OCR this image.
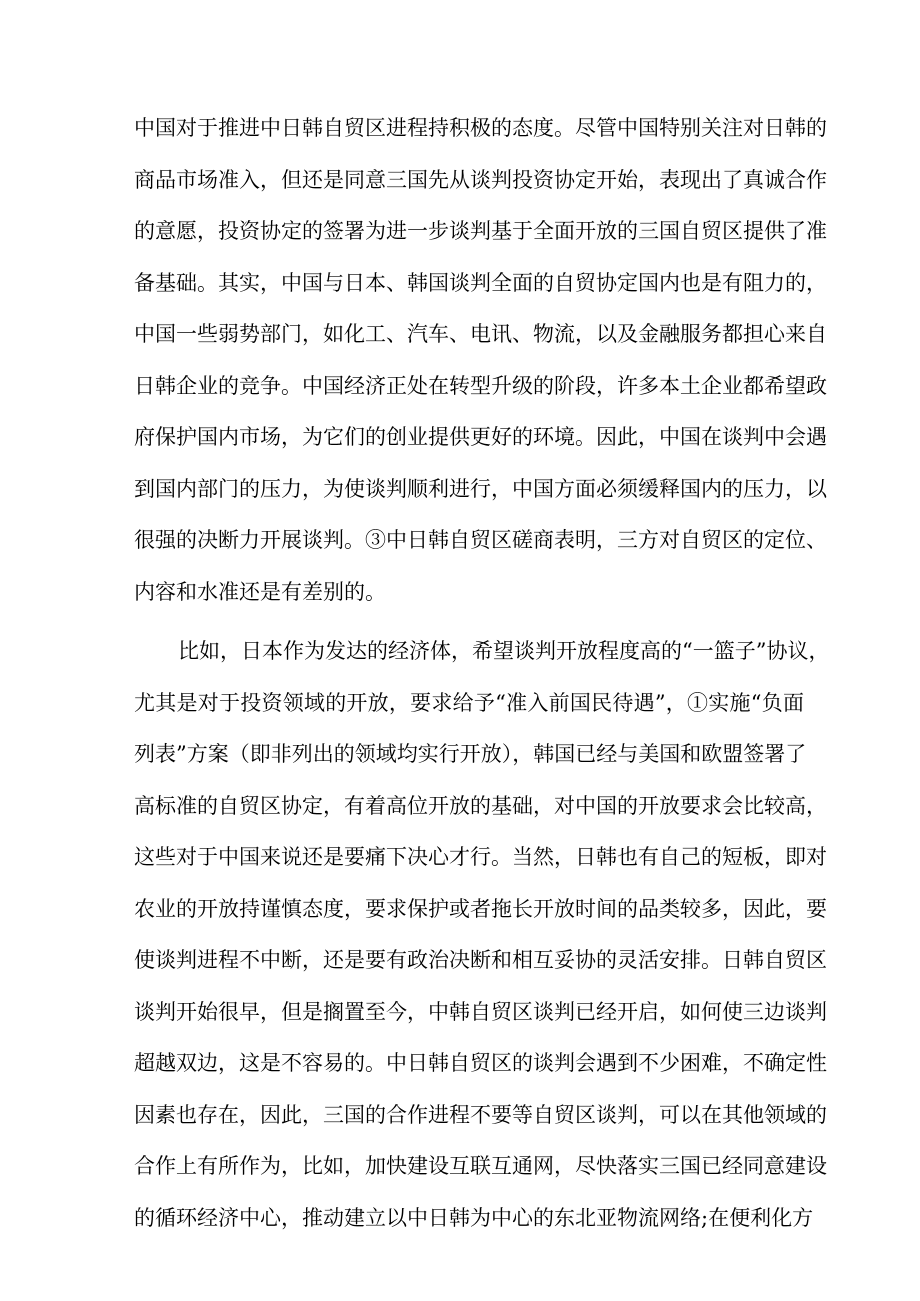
中国对于推进中日韩自贸区进程持积极的态度。尽管中国特别关注对日韩的
商品市场准入，但还是同意三国先从谈判投资协定开始，表现出了真诚合作
的意愿，投资协定的签署为进一步谈判基于全面开放的三国自贸区提供了准
备基础。其实，中国与日本、韩国谈判全面的自贸协定国内也是有阻力的，
中国一些弱势部门，如化工、汽车、电讯、物流，以及金融服务都担心来自
日韩企业的竞争。中国经济正处在转型升级的阶段，许多本土企业都希望政
府保护国内市场，为它们的创业提供更好的环境。因此，中国在谈判中会遇
到国内部门的压力，为使谈判顺利进行，中国方面必须缓释国内的压力，以
很强的决断力开展谈判。③中日韩自贸区磋商表明，三方对自贸区的定位、
内容和水准还是有差别的。
比如，日本作为发达的经济体，希望谈判开放程度高的“一篮子”协议，
尤其是对于投资领域的开放，要求给予“准入前国民待遇”，①实施“负面
列表”方案（即非列出的领域均实行开放），韩国已经与美国和欧盟签署了
高标准的自贸区协定，有着高位开放的基础，对中国的开放要求会比较高，
这些对于中国来说还是要痛下决心才行。当然，日韩也有自己的短板，即对
农业的开放持谨慎态度，要求保护或者拖长开放时间的品类较多，因此，要
使谈判进程不中断，还是要有政治决断和相互妥协的灵活安排。日韩自贸区
谈判开始很早，但是搁置至今，中韩自贸区谈判已经开启，如何使三边谈判
超越双边，这是不容易的。中日韩自贸区的谈判会遇到不少困难，不确定性
因素也存在，因此，三国的合作进程不要等自贸区谈判，可以在其他领域的
合作上有所作为，比如，加快建设互联互通网，尽快落实三国已经同意建设
的循环经济中心，推动建立以中日韩为中心的东北亚物流网络;在便利化方
